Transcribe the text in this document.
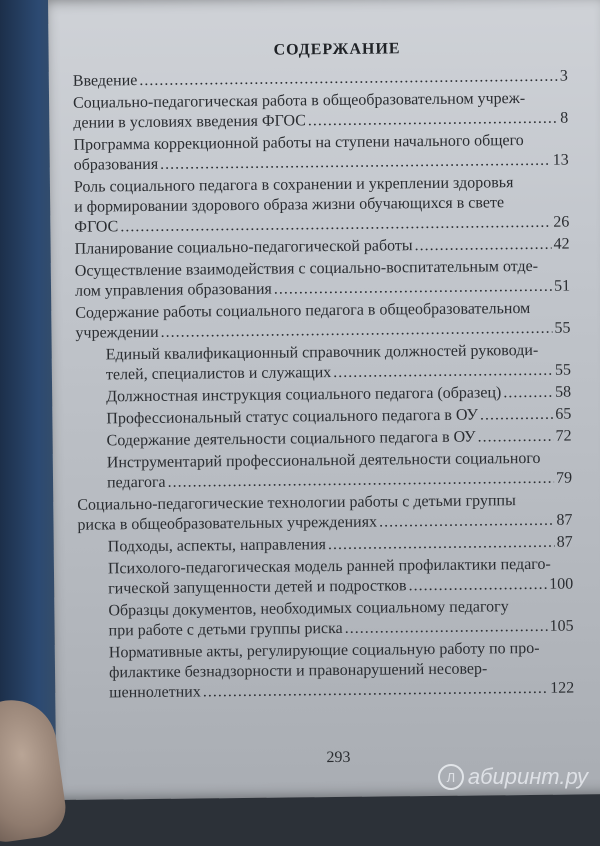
СОДЕРЖАНИЕ
Введение .....	3
Социально-педагогическая работа в общеобразовательном учреж-
дении в условиях введения ФГОС .....	8
Программа коррекционной работы на ступени начального общего
образования .....	13
Роль социального педагога в сохранении и укреплении здоровья
и формировании здорового образа жизни обучающихся в свете
ФГОС .....	26
Планирование социально-педагогической работы .....	42
Осуществление взаимодействия с социально-воспитательным отде-
лом управления образования .....	51
Содержание работы социального педагога в общеобразовательном
учреждении .....	55
Единый квалификационный справочник должностей руководи-
телей, специалистов и служащих .....	55
Должностная инструкция социального педагога (образец) .....	58
Профессиональный статус социального педагога в ОУ .....	65
Содержание деятельности социального педагога в ОУ .....	72
Инструментарий профессиональной деятельности социального
педагога .....	79
Социально-педагогические технологии работы с детьми группы
риска в общеобразовательных учреждениях .....	87
Подходы, аспекты, направления .....	87
Психолого-педагогическая модель ранней профилактики педаго-
гической запущенности детей и подростков .....	100
Образцы документов, необходимых социальному педагогу
при работе с детьми группы риска .....	105
Нормативные акты, регулирующие социальную работу по про-
филактике безнадзорности и правонарушений несовер-
шеннолетних .....	122
293
Л абиринт.ру
